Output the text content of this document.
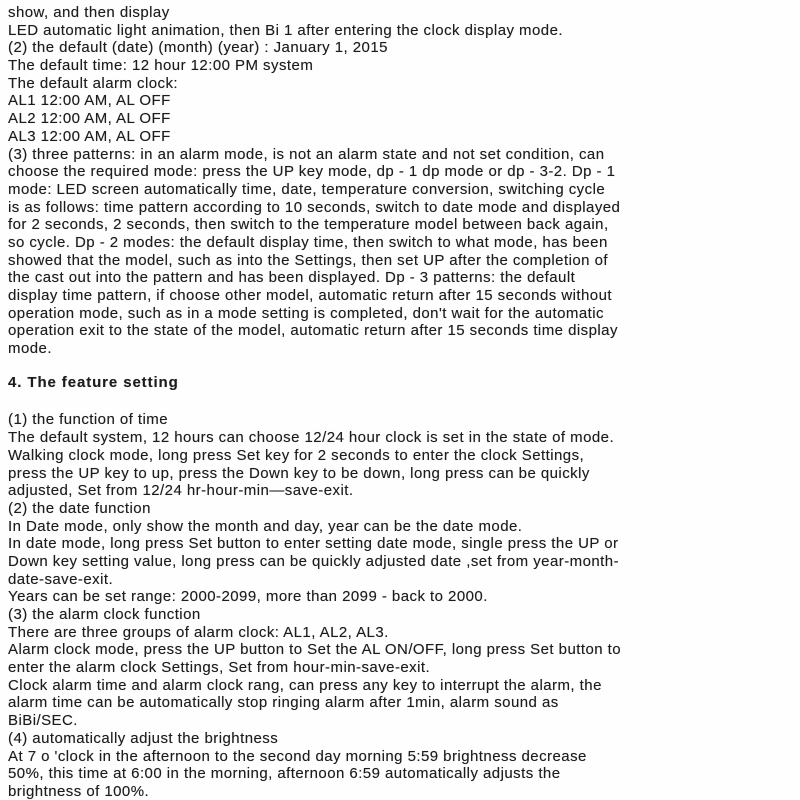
show, and then display
LED automatic light animation, then Bi 1 after entering the clock display mode.
(2) the default (date) (month) (year) : January 1, 2015
The default time: 12 hour 12:00 PM system
The default alarm clock:
AL1 12:00 AM, AL OFF
AL2 12:00 AM, AL OFF
AL3 12:00 AM, AL OFF
(3) three patterns: in an alarm mode, is not an alarm state and not set condition, can
choose the required mode: press the UP key mode, dp - 1 dp mode or dp - 3-2. Dp - 1
mode: LED screen automatically time, date, temperature conversion, switching cycle
is as follows: time pattern according to 10 seconds, switch to date mode and displayed
for 2 seconds, 2 seconds, then switch to the temperature model between back again,
so cycle. Dp - 2 modes: the default display time, then switch to what mode, has been
showed that the model, such as into the Settings, then set UP after the completion of
the cast out into the pattern and has been displayed. Dp - 3 patterns: the default
display time pattern, if choose other model, automatic return after 15 seconds without
operation mode, such as in a mode setting is completed, don't wait for the automatic
operation exit to the state of the model, automatic return after 15 seconds time display
mode.
4. The feature setting
(1) the function of time
The default system, 12 hours can choose 12/24 hour clock is set in the state of mode.
Walking clock mode, long press Set key for 2 seconds to enter the clock Settings,
press the UP key to up, press the Down key to be down, long press can be quickly
adjusted, Set from 12/24 hr-hour-min—save-exit.
(2) the date function
In Date mode, only show the month and day, year can be the date mode.
In date mode, long press Set button to enter setting date mode, single press the UP or
Down key setting value, long press can be quickly adjusted date ,set from year-month-
date-save-exit.
Years can be set range: 2000-2099, more than 2099 - back to 2000.
(3) the alarm clock function
There are three groups of alarm clock: AL1, AL2, AL3.
Alarm clock mode, press the UP button to Set the AL ON/OFF, long press Set button to
enter the alarm clock Settings, Set from hour-min-save-exit.
Clock alarm time and alarm clock rang, can press any key to interrupt the alarm, the
alarm time can be automatically stop ringing alarm after 1min, alarm sound as
BiBi/SEC.
(4) automatically adjust the brightness
At 7 o 'clock in the afternoon to the second day morning 5:59 brightness decrease
50%, this time at 6:00 in the morning, afternoon 6:59 automatically adjusts the
brightness of 100%.
